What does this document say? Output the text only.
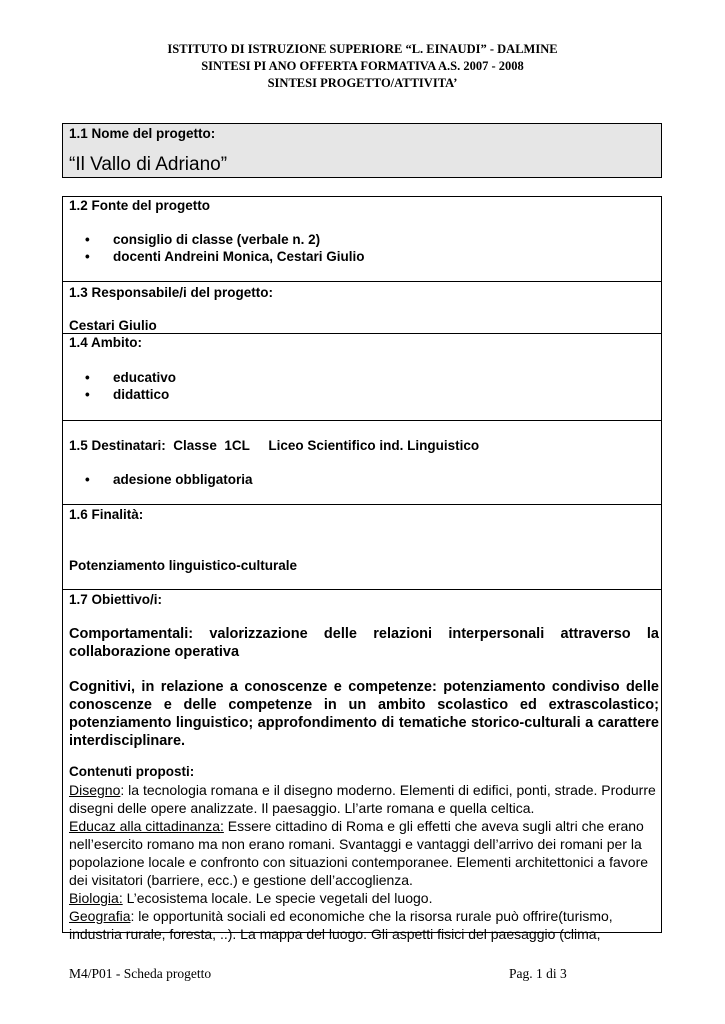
ISTITUTO DI ISTRUZIONE SUPERIORE “L. EINAUDI” - DALMINE
SINTESI PI ANO OFFERTA FORMATIVA A.S. 2007 - 2008
SINTESI PROGETTO/ATTIVITA’
1.1 Nome del progetto:
“Il Vallo di Adriano”
1.2 Fonte del progetto
• consiglio di classe (verbale n. 2)
• docenti Andreini Monica, Cestari Giulio
1.3 Responsabile/i del progetto:
Cestari Giulio
1.4 Ambito:
• educativo
• didattico
1.5 Destinatari:  Classe  1CL     Liceo Scientifico ind. Linguistico
• adesione obbligatoria
1.6 Finalità:
Potenziamento linguistico-culturale
1.7 Obiettivo/i:
Comportamentali: valorizzazione delle relazioni interpersonali attraverso la collaborazione operativa
Cognitivi, in relazione a conoscenze e competenze: potenziamento condiviso delle conoscenze e delle competenze in un ambito scolastico ed extrascolastico; potenziamento linguistico; approfondimento di tematiche storico-culturali a carattere interdisciplinare.
Contenuti proposti:
Disegno: la tecnologia romana e il disegno moderno. Elementi di edifici, ponti, strade. Produrre disegni delle opere analizzate. Il paesaggio. Ll’arte romana e quella celtica.
Educaz alla cittadinanza: Essere cittadino di Roma e gli effetti che aveva sugli altri che erano nell’esercito romano ma non erano romani. Svantaggi e vantaggi dell’arrivo dei romani per la popolazione locale e confronto con situazioni contemporanee. Elementi architettonici a favore dei visitatori (barriere, ecc.) e gestione dell’accoglienza.
Biologia: L’ecosistema locale. Le specie vegetali del luogo.
Geografia: le opportunità sociali ed economiche che la risorsa rurale può offrire(turismo, industria rurale, foresta, ..). La mappa del luogo. Gli aspetti fisici del paesaggio (clima,
M4/P01 - Scheda progetto	Pag. 1 di 3
